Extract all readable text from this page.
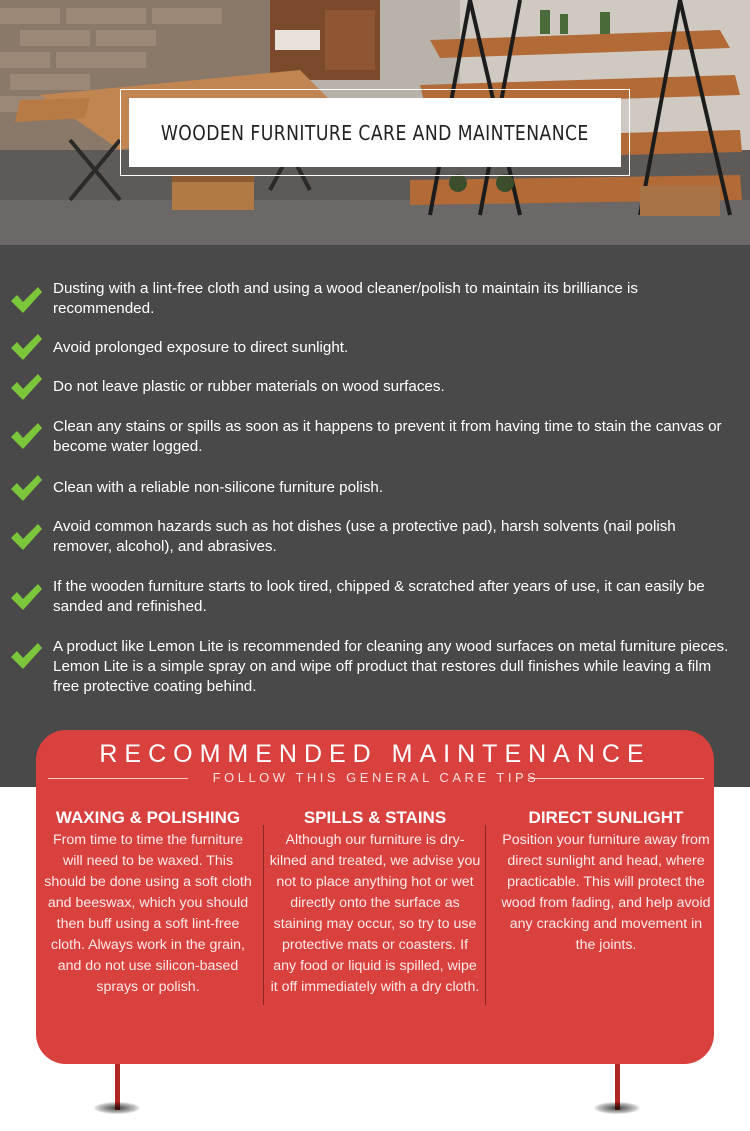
WOODEN FURNITURE CARE AND MAINTENANCE
Dusting with a lint-free cloth and using a wood cleaner/polish to maintain its brilliance is recommended.
Avoid prolonged exposure to direct sunlight.
Do not leave plastic or rubber materials on wood surfaces.
Clean any stains or spills as soon as it happens to prevent it from having time to stain the canvas or become water logged.
Clean with a reliable non-silicone furniture polish.
Avoid common hazards such as hot dishes (use a protective pad), harsh solvents (nail polish remover, alcohol), and abrasives.
If the wooden furniture starts to look tired, chipped & scratched after years of use, it can easily be sanded and refinished.
A product like Lemon Lite is recommended for cleaning any wood surfaces on metal furniture pieces. Lemon Lite is a simple spray on and wipe off product that restores dull finishes while leaving a film free protective coating behind.
RECOMMENDED MAINTENANCE
FOLLOW THIS GENERAL CARE TIPS
WAXING & POLISHING

From time to time the furniture will need to be waxed. This should be done using a soft cloth and beeswax, which you should then buff using a soft lint-free cloth. Always work in the grain, and do not use silicon-based sprays or polish.

SPILLS & STAINS

Although our furniture is dry-kilned and treated, we advise you not to place anything hot or wet directly onto the surface as staining may occur, so try to use protective mats or coasters. If any food or liquid is spilled, wipe it off immediately with a dry cloth.

DIRECT SUNLIGHT

Position your furniture away from direct sunlight and head, where practicable. This will protect the wood from fading, and help avoid any cracking and movement in the joints.
